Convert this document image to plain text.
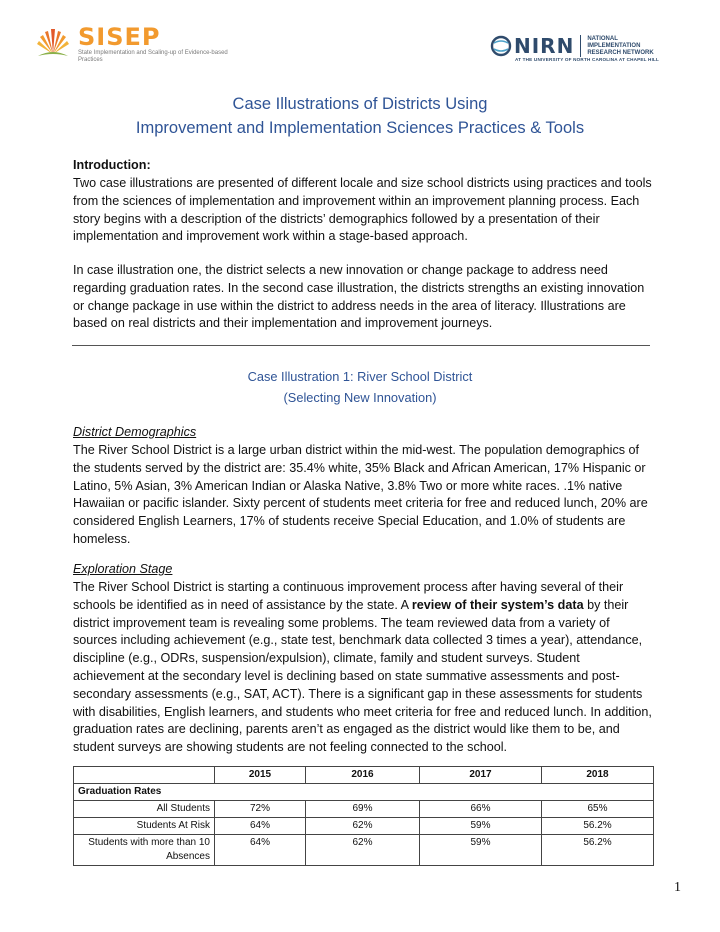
SISEP
State Implementation and Scaling-up of Evidence-based Practices
NIRN NATIONAL IMPLEMENTATION RESEARCH NETWORK
AT THE UNIVERSITY OF NORTH CAROLINA AT CHAPEL HILL
Case Illustrations of Districts Using
Improvement and Implementation Sciences Practices & Tools
Introduction:
Two case illustrations are presented of different locale and size school districts using practices and tools from the sciences of implementation and improvement within an improvement planning process. Each story begins with a description of the districts’ demographics followed by a presentation of their implementation and improvement work within a stage-based approach.
In case illustration one, the district selects a new innovation or change package to address need regarding graduation rates. In the second case illustration, the districts strengths an existing innovation or change package in use within the district to address needs in the area of literacy. Illustrations are based on real districts and their implementation and improvement journeys.
Case Illustration 1: River School District
(Selecting New Innovation)
District Demographics
The River School District is a large urban district within the mid-west. The population demographics of the students served by the district are: 35.4% white, 35% Black and African American, 17% Hispanic or Latino, 5% Asian, 3% American Indian or Alaska Native, 3.8% Two or more white races. .1% native Hawaiian or pacific islander. Sixty percent of students meet criteria for free and reduced lunch, 20% are considered English Learners, 17% of students receive Special Education, and 1.0% of students are homeless.
Exploration Stage
The River School District is starting a continuous improvement process after having several of their schools be identified as in need of assistance by the state. A review of their system’s data by their district improvement team is revealing some problems. The team reviewed data from a variety of sources including achievement (e.g., state test, benchmark data collected 3 times a year), attendance, discipline (e.g., ODRs, suspension/expulsion), climate, family and student surveys. Student achievement at the secondary level is declining based on state summative assessments and post-secondary assessments (e.g., SAT, ACT). There is a significant gap in these assessments for students with disabilities, English learners, and students who meet criteria for free and reduced lunch. In addition, graduation rates are declining, parents aren’t as engaged as the district would like them to be, and student surveys are showing students are not feeling connected to the school.
	2015	2016	2017	2018
Graduation Rates				
All Students	72%	69%	66%	65%
Students At Risk	64%	62%	59%	56.2%
Students with more than 10 Absences	64%	62%	59%	56.2%
1
